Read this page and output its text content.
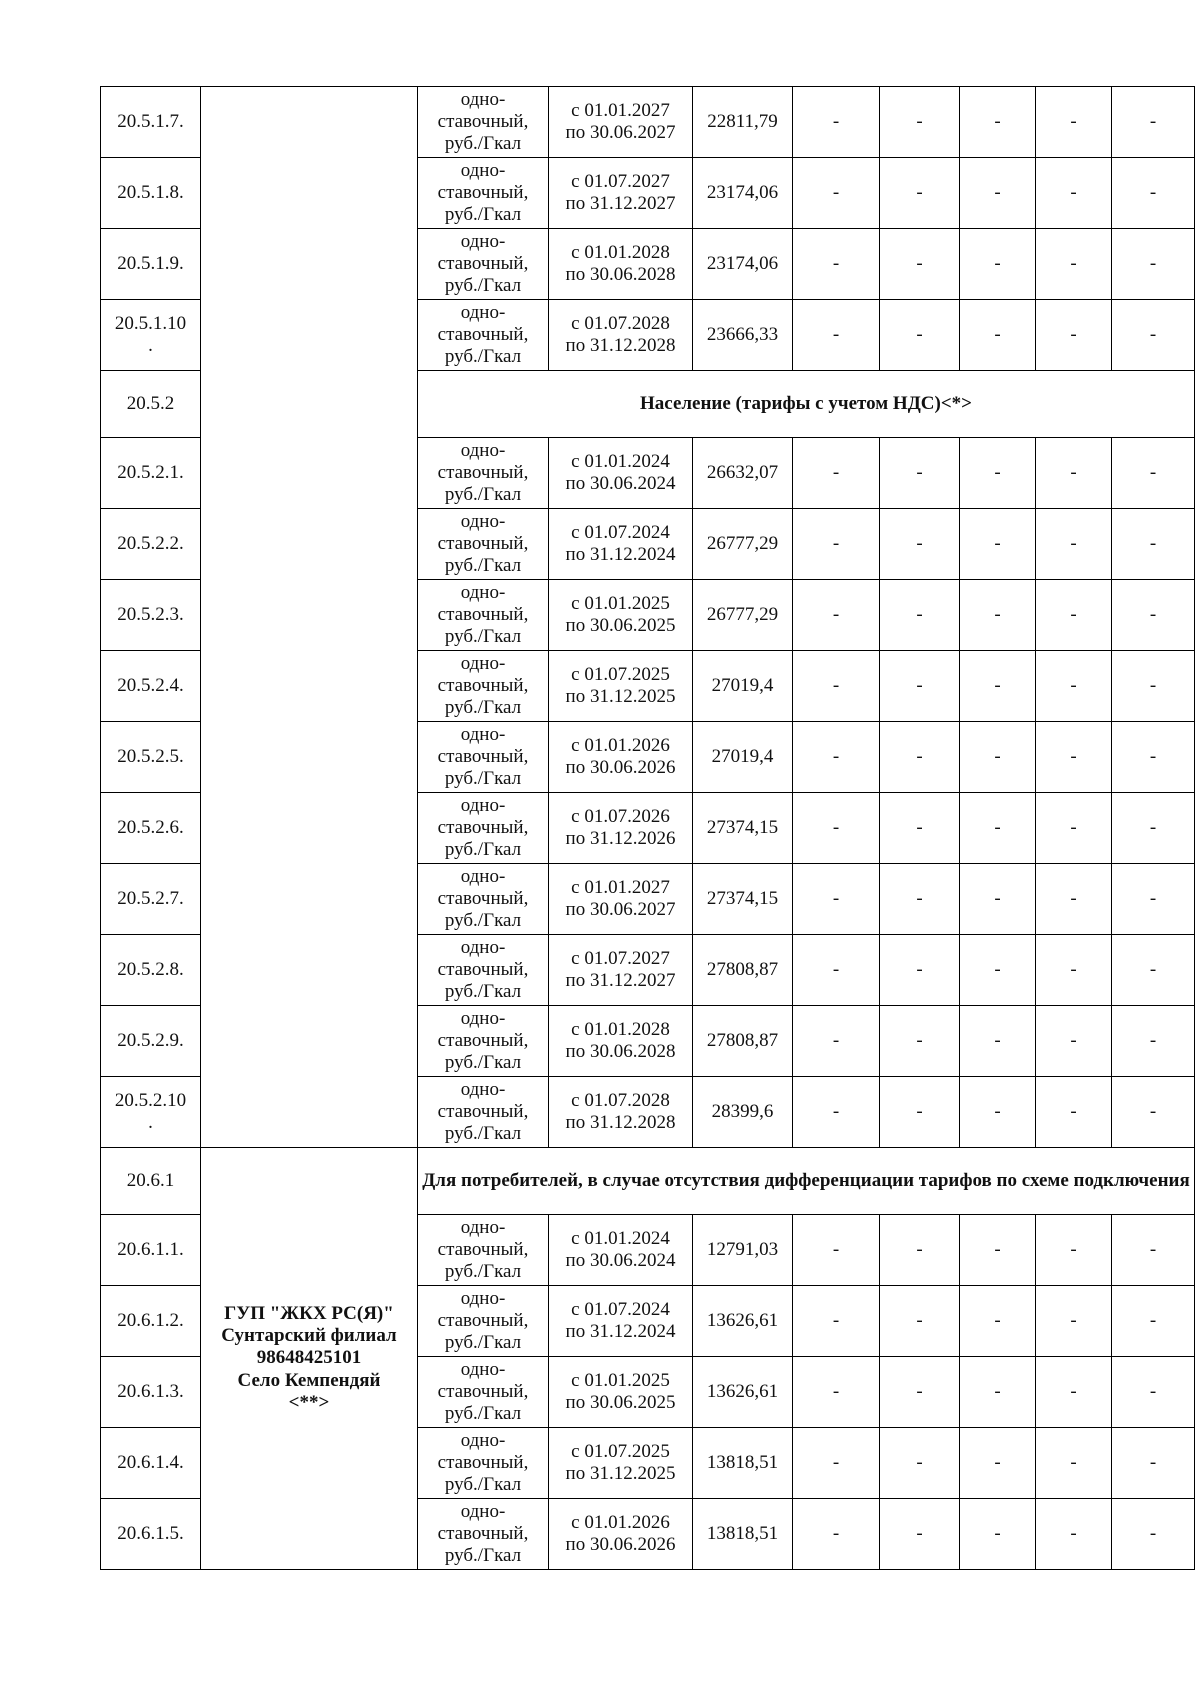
20.5.1.7.		одно-
ставочный,
руб./Гкал	с 01.01.2027
по 30.06.2027	22811,79	-	-	-	-	-
20.5.1.8.		одно-
ставочный,
руб./Гкал	с 01.07.2027
по 31.12.2027	23174,06	-	-	-	-	-
20.5.1.9.		одно-
ставочный,
руб./Гкал	с 01.01.2028
по 30.06.2028	23174,06	-	-	-	-	-
20.5.1.10
.		одно-
ставочный,
руб./Гкал	с 01.07.2028
по 31.12.2028	23666,33	-	-	-	-	-
20.5.2		Население (тарифы с учетом НДС)<*>							
20.5.2.1.		одно-
ставочный,
руб./Гкал	с 01.01.2024
по 30.06.2024	26632,07	-	-	-	-	-
20.5.2.2.		одно-
ставочный,
руб./Гкал	с 01.07.2024
по 31.12.2024	26777,29	-	-	-	-	-
20.5.2.3.		одно-
ставочный,
руб./Гкал	с 01.01.2025
по 30.06.2025	26777,29	-	-	-	-	-
20.5.2.4.		одно-
ставочный,
руб./Гкал	с 01.07.2025
по 31.12.2025	27019,4	-	-	-	-	-
20.5.2.5.		одно-
ставочный,
руб./Гкал	с 01.01.2026
по 30.06.2026	27019,4	-	-	-	-	-
20.5.2.6.		одно-
ставочный,
руб./Гкал	с 01.07.2026
по 31.12.2026	27374,15	-	-	-	-	-
20.5.2.7.		одно-
ставочный,
руб./Гкал	с 01.01.2027
по 30.06.2027	27374,15	-	-	-	-	-
20.5.2.8.		одно-
ставочный,
руб./Гкал	с 01.07.2027
по 31.12.2027	27808,87	-	-	-	-	-
20.5.2.9.		одно-
ставочный,
руб./Гкал	с 01.01.2028
по 30.06.2028	27808,87	-	-	-	-	-
20.5.2.10
.		одно-
ставочный,
руб./Гкал	с 01.07.2028
по 31.12.2028	28399,6	-	-	-	-	-
20.6.1	ГУП "ЖКХ РС(Я)"
Сунтарский филиал
98648425101
Село Кемпендяй
<**>	Для потребителей, в случае отсутствия дифференциации тарифов по схеме подключения							
20.6.1.1.		одно-
ставочный,
руб./Гкал	с 01.01.2024
по 30.06.2024	12791,03	-	-	-	-	-
20.6.1.2.		одно-
ставочный,
руб./Гкал	с 01.07.2024
по 31.12.2024	13626,61	-	-	-	-	-
20.6.1.3.		одно-
ставочный,
руб./Гкал	с 01.01.2025
по 30.06.2025	13626,61	-	-	-	-	-
20.6.1.4.		одно-
ставочный,
руб./Гкал	с 01.07.2025
по 31.12.2025	13818,51	-	-	-	-	-
20.6.1.5.		одно-
ставочный,
руб./Гкал	с 01.01.2026
по 30.06.2026	13818,51	-	-	-	-	-
